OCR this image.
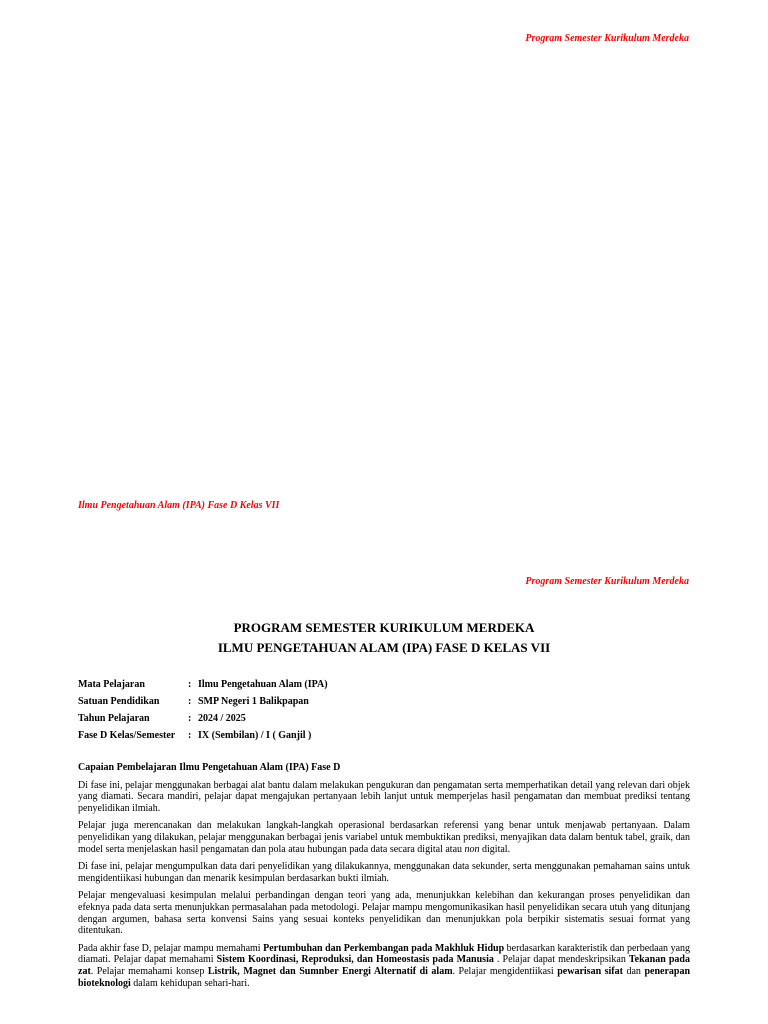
Program Semester Kurikulum Merdeka
Ilmu Pengetahuan Alam (IPA) Fase D Kelas VII
Program Semester Kurikulum Merdeka
PROGRAM SEMESTER KURIKULUM MERDEKA
ILMU PENGETAHUAN ALAM (IPA) FASE D KELAS VII
Mata Pelajaran	: Ilmu Pengetahuan Alam (IPA)
Satuan Pendidikan	: SMP Negeri 1 Balikpapan
Tahun Pelajaran	: 2024 / 2025
Fase D Kelas/Semester	: IX (Sembilan) / I ( Ganjil )
Capaian Pembelajaran Ilmu Pengetahuan Alam (IPA) Fase D

Di fase ini, pelajar menggunakan berbagai alat bantu dalam melakukan pengukuran dan pengamatan serta memperhatikan detail yang relevan dari objek yang diamati. Secara mandiri, pelajar dapat mengajukan pertanyaan lebih lanjut untuk memperjelas hasil pengamatan dan membuat prediksi tentang penyelidikan ilmiah.

Pelajar juga merencanakan dan melakukan langkah-langkah operasional berdasarkan referensi yang benar untuk menjawab pertanyaan. Dalam penyelidikan yang dilakukan, pelajar menggunakan berbagai jenis variabel untuk membuktikan prediksi, menyajikan data dalam bentuk tabel, graik, dan model serta menjelaskan hasil pengamatan dan pola atau hubungan pada data secara digital atau non digital.

Di fase ini, pelajar mengumpulkan data dari penyelidikan yang dilakukannya, menggunakan data sekunder, serta menggunakan pemahaman sains untuk mengidentiikasi hubungan dan menarik kesimpulan berdasarkan bukti ilmiah.

Pelajar mengevaluasi kesimpulan melalui perbandingan dengan teori yang ada, menunjukkan kelebihan dan kekurangan proses penyelidikan dan efeknya pada data serta menunjukkan permasalahan pada metodologi. Pelajar mampu mengomunikasikan hasil penyelidikan secara utuh yang ditunjang dengan argumen, bahasa serta konvensi Sains yang sesuai konteks penyelidikan dan menunjukkan pola berpikir sistematis sesuai format yang ditentukan.

Pada akhir fase D, pelajar mampu memahami Pertumbuhan dan Perkembangan pada Makhluk Hidup berdasarkan karakteristik dan perbedaan yang diamati. Pelajar dapat memahami Sistem Koordinasi, Reproduksi, dan Homeostasis pada Manusia . Pelajar dapat mendeskripsikan Tekanan pada zat. Pelajar memahami konsep Listrik, Magnet dan Sumnber Energi Alternatif di alam. Pelajar mengidentiikasi pewarisan sifat dan penerapan bioteknologi dalam kehidupan sehari-hari.
